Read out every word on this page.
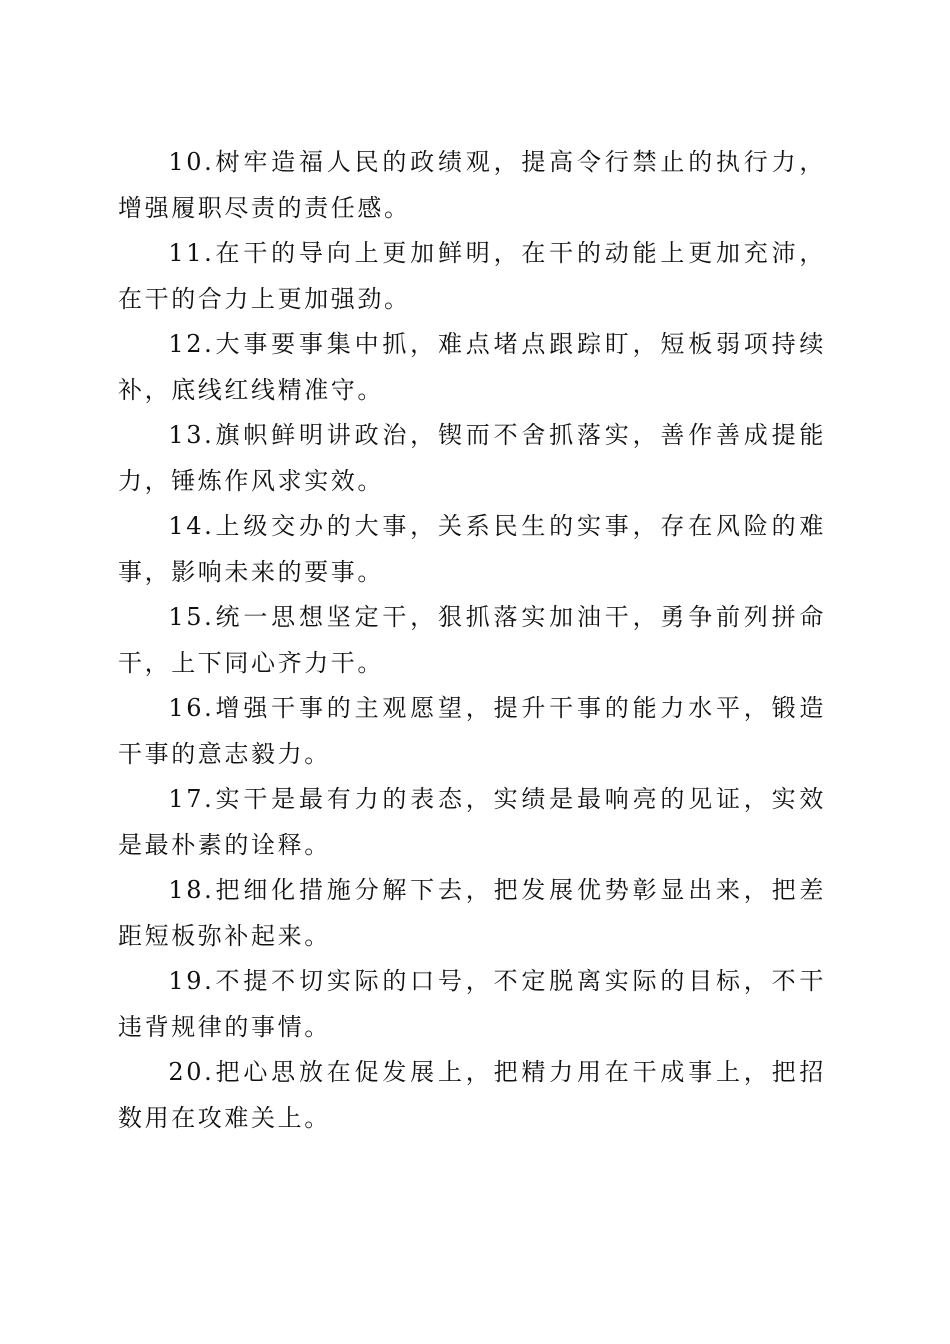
10.树牢造福人民的政绩观，提高令行禁止的执行力，增强履职尽责的责任感。

11.在干的导向上更加鲜明，在干的动能上更加充沛，在干的合力上更加强劲。

12.大事要事集中抓，难点堵点跟踪盯，短板弱项持续补，底线红线精准守。

13.旗帜鲜明讲政治，锲而不舍抓落实，善作善成提能力，锤炼作风求实效。

14.上级交办的大事，关系民生的实事，存在风险的难事，影响未来的要事。

15.统一思想坚定干，狠抓落实加油干，勇争前列拼命干，上下同心齐力干。

16.增强干事的主观愿望，提升干事的能力水平，锻造干事的意志毅力。

17.实干是最有力的表态，实绩是最响亮的见证，实效是最朴素的诠释。

18.把细化措施分解下去，把发展优势彰显出来，把差距短板弥补起来。

19.不提不切实际的口号，不定脱离实际的目标，不干违背规律的事情。

20.把心思放在促发展上，把精力用在干成事上，把招数用在攻难关上。
